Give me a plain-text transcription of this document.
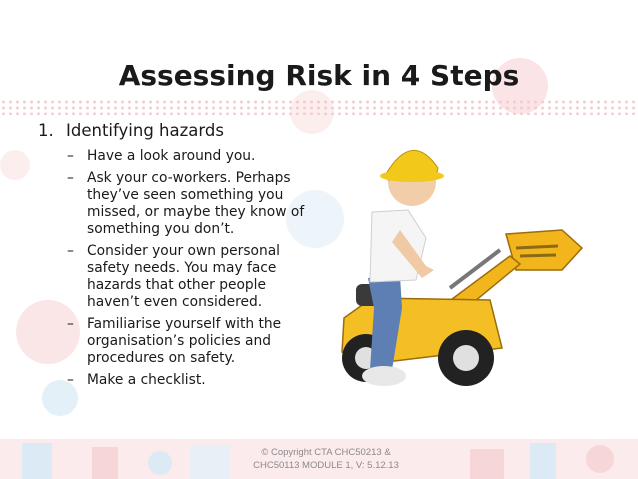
Assessing Risk in 4 Steps
1. Identifying hazards
– Have a look around you.
– Ask your co-workers. Perhaps they’ve seen something you missed, or maybe they know of something you don’t.
– Consider your own personal safety needs. You may face hazards that other people haven’t even considered.
– Familiarise yourself with the organisation’s policies and procedures on safety.
– Make a checklist.
© Copyright CTA CHC50213 &
CHC50113 MODULE 1, V: 5.12.13
